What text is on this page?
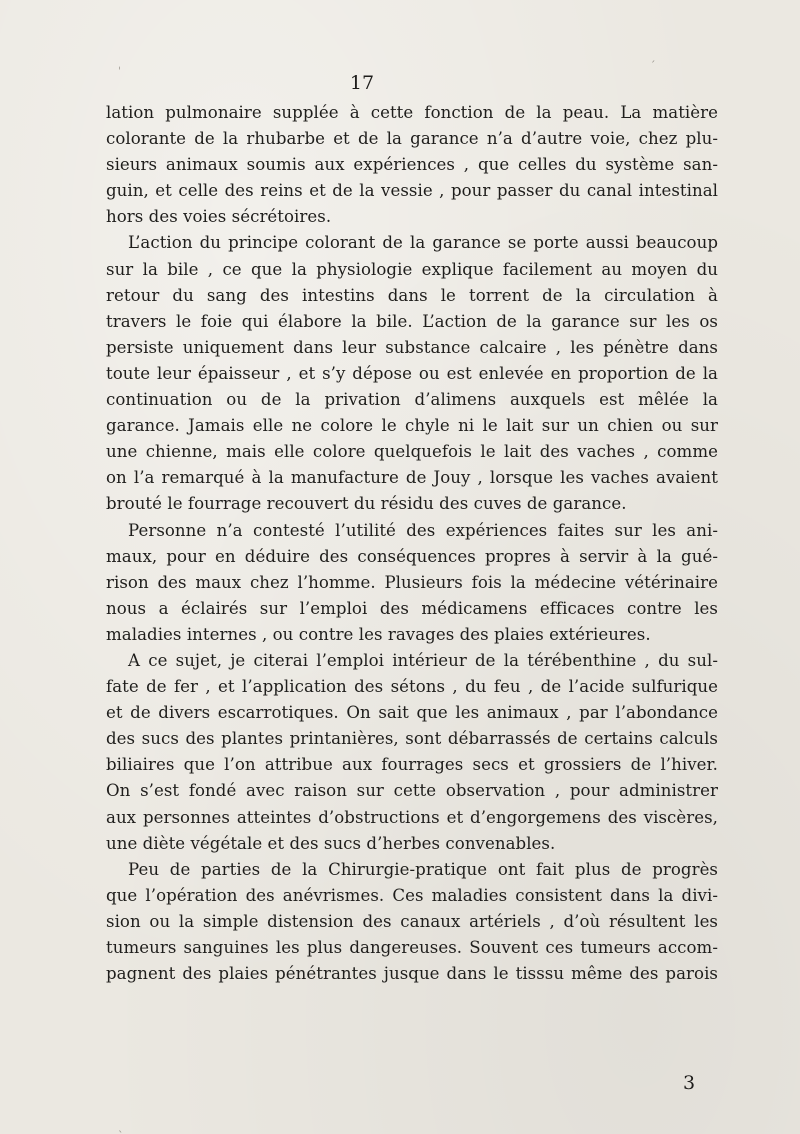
17
lation pulmonaire supplée à cette fonction de la peau. La matière
colorante de la rhubarbe et de la garance n’a d’autre voie, chez plu-
sieurs animaux soumis aux expériences , que celles du système san-
guin, et celle des reins et de la vessie , pour passer du canal intestinal
hors des voies sécrétoires.
L’action du principe colorant de la garance se porte aussi beaucoup
sur la bile , ce que la physiologie explique facilement au moyen du
retour du sang des intestins dans le torrent de la circulation à
travers le foie qui élabore la bile. L’action de la garance sur les os
persiste uniquement dans leur substance calcaire , les pénètre dans
toute leur épaisseur , et s’y dépose ou est enlevée en proportion de la
continuation ou de la privation d’alimens auxquels est mêlée la
garance. Jamais elle ne colore le chyle ni le lait sur un chien ou sur
une chienne, mais elle colore quelquefois le lait des vaches , comme
on l’a remarqué à la manufacture de Jouy , lorsque les vaches avaient
brouté le fourrage recouvert du résidu des cuves de garance.
Personne n’a contesté l’utilité des expériences faites sur les ani-
maux, pour en déduire des conséquences propres à servir à la gué-
rison des maux chez l’homme. Plusieurs fois la médecine vétérinaire
nous a éclairés sur l’emploi des médicamens efficaces contre les
maladies internes , ou contre les ravages des plaies extérieures.
A ce sujet, je citerai l’emploi intérieur de la térébenthine , du sul-
fate de fer , et l’application des sétons , du feu , de l’acide sulfurique
et de divers escarrotiques. On sait que les animaux , par l’abondance
des sucs des plantes printanières, sont débarrassés de certains calculs
biliaires que l’on attribue aux fourrages secs et grossiers de l’hiver.
On s’est fondé avec raison sur cette observation , pour administrer
aux personnes atteintes d’obstructions et d’engorgemens des viscères,
une diète végétale et des sucs d’herbes convenables.
Peu de parties de la Chirurgie-pratique ont fait plus de progrès
que l’opération des anévrismes. Ces maladies consistent dans la divi-
sion ou la simple distension des canaux artériels , d’où résultent les
tumeurs sanguines les plus dangereuses. Souvent ces tumeurs accom-
pagnent des plaies pénétrantes jusque dans le tisssu même des parois
3
ˌ
ˏ
ˎ
